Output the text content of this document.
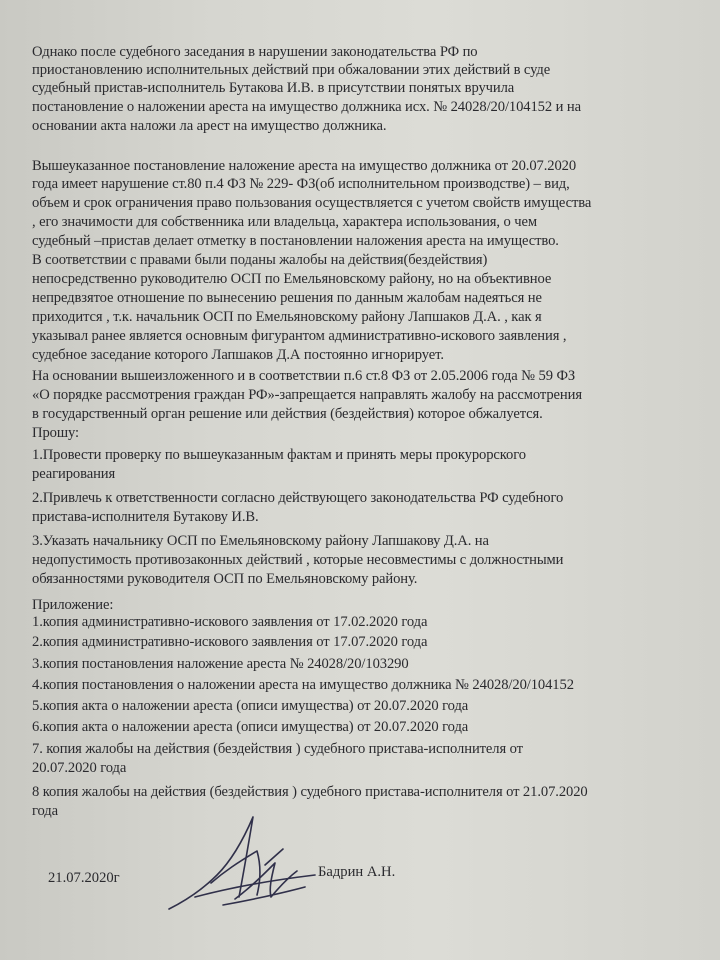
Однако после судебного заседания в нарушении законодательства РФ по
приостановлению исполнительных действий при обжаловании этих действий в суде
судебный пристав-исполнитель Бутакова И.В. в присутствии понятых вручила
постановление о наложении ареста на имущество должника исх. № 24028/20/104152 и на
основании акта наложи ла арест на имущество должника.
Вышеуказанное постановление наложение ареста на имущество должника от 20.07.2020
года имеет нарушение ст.80 п.4 ФЗ № 229- ФЗ(об исполнительном производстве) – вид,
объем и срок ограничения право пользования осуществляется с учетом свойств имущества
, его значимости для собственника или владельца, характера использования, о чем
судебный –пристав делает отметку в постановлении наложения ареста на имущество.
В соответствии с правами были поданы жалобы на действия(бездействия)
непосредственно руководителю ОСП по Емельяновскому району, но на объективное
непредвзятое отношение по вынесению решения по данным жалобам надеяться не
приходится , т.к. начальник ОСП по Емельяновскому району Лапшаков Д.А. , как я
указывал ранее является основным фигурантом административно-искового заявления ,
судебное заседание которого Лапшаков Д.А постоянно игнорирует.
На основании вышеизложенного и в соответствии п.6 ст.8 ФЗ от 2.05.2006 года № 59 ФЗ
«О порядке рассмотрения граждан РФ»-запрещается направлять жалобу на рассмотрения
в государственный орган решение или действия (бездействия) которое обжалуется.
Прошу:
1.Провести проверку по вышеуказанным фактам и принять меры прокурорского
реагирования
2.Привлечь к ответственности согласно действующего законодательства РФ судебного
пристава-исполнителя Бутакову И.В.
3.Указать начальнику ОСП по Емельяновскому району Лапшакову Д.А. на
недопустимость противозаконных действий , которые несовместимы с должностными
обязанностями руководителя ОСП по Емельяновскому району.
Приложение:
1.копия административно-искового заявления от 17.02.2020 года
2.копия административно-искового заявления от 17.07.2020 года
3.копия постановления наложение ареста № 24028/20/103290
4.копия постановления о наложении ареста на имущество должника № 24028/20/104152
5.копия акта о наложении ареста (описи имущества) от 20.07.2020 года
6.копия акта о наложении ареста (описи имущества) от 20.07.2020 года
7. копия жалобы на действия (бездействия ) судебного пристава-исполнителя от
20.07.2020 года
8 копия жалобы на действия (бездействия ) судебного пристава-исполнителя от 21.07.2020
года
21.07.2020г	Бадрин А.Н.
